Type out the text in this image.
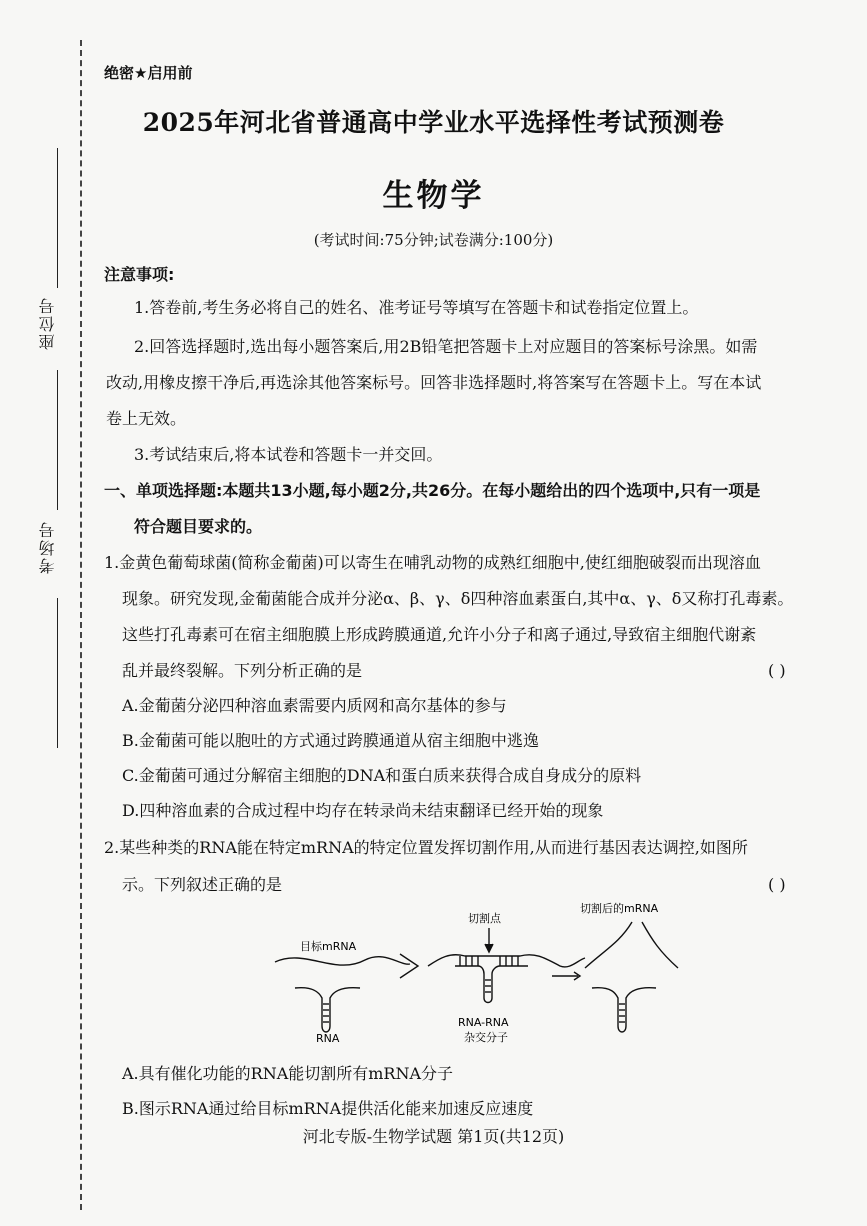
座位号
考场号
绝密★启用前
2025年河北省普通高中学业水平选择性考试预测卷
生物学
(考试时间:75分钟;试卷满分:100分)
注意事项:
1.答卷前,考生务必将自己的姓名、准考证号等填写在答题卡和试卷指定位置上。
2.回答选择题时,选出每小题答案后,用2B铅笔把答题卡上对应题目的答案标号涂黑。如需
改动,用橡皮擦干净后,再选涂其他答案标号。回答非选择题时,将答案写在答题卡上。写在本试
卷上无效。
3.考试结束后,将本试卷和答题卡一并交回。
一、单项选择题:本题共13小题,每小题2分,共26分。在每小题给出的四个选项中,只有一项是
符合题目要求的。
1.金黄色葡萄球菌(简称金葡菌)可以寄生在哺乳动物的成熟红细胞中,使红细胞破裂而出现溶血
现象。研究发现,金葡菌能合成并分泌α、β、γ、δ四种溶血素蛋白,其中α、γ、δ又称打孔毒素。
这些打孔毒素可在宿主细胞膜上形成跨膜通道,允许小分子和离子通过,导致宿主细胞代谢紊
乱并最终裂解。下列分析正确的是	( )
A.金葡菌分泌四种溶血素需要内质网和高尔基体的参与
B.金葡菌可能以胞吐的方式通过跨膜通道从宿主细胞中逃逸
C.金葡菌可通过分解宿主细胞的DNA和蛋白质来获得合成自身成分的原料
D.四种溶血素的合成过程中均存在转录尚未结束翻译已经开始的现象
2.某些种类的RNA能在特定mRNA的特定位置发挥切割作用,从而进行基因表达调控,如图所
示。下列叙述正确的是	( )
目标mRNA
RNA
切割点
RNA-RNA
杂交分子
切割后的mRNA
A.具有催化功能的RNA能切割所有mRNA分子
B.图示RNA通过给目标mRNA提供活化能来加速反应速度
河北专版-生物学试题 第1页(共12页)
